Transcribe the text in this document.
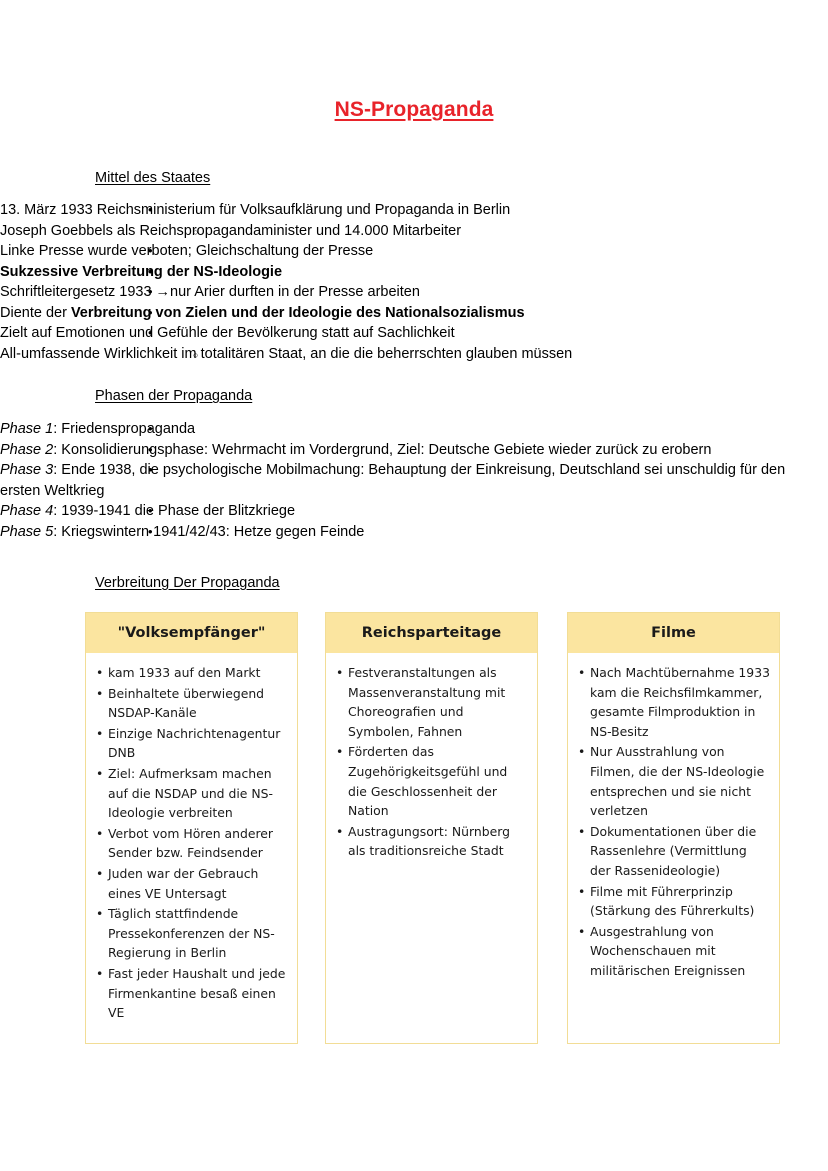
NS-Propaganda
Mittel des Staates
• 13. März 1933 Reichsministerium für Volksaufklärung und Propaganda in Berlin
○ Joseph Goebbels als Reichspropagandaminister und 14.000 Mitarbeiter
• Linke Presse wurde verboten; Gleichschaltung der Presse
• Sukzessive Verbreitung der NS-Ideologie
• Schriftleitergesetz 1933 →nur Arier durften in der Presse arbeiten
• Diente der Verbreitung von Zielen und der Ideologie des Nationalsozialismus
• Zielt auf Emotionen und Gefühle der Bevölkerung statt auf Sachlichkeit
○ All-umfassende Wirklichkeit im totalitären Staat, an die die beherrschten glauben müssen
Phasen der Propaganda
• Phase 1: Friedenspropaganda
• Phase 2: Konsolidierungsphase: Wehrmacht im Vordergrund, Ziel: Deutsche Gebiete wieder zurück zu erobern
• Phase 3: Ende 1938, die psychologische Mobilmachung: Behauptung der Einkreisung, Deutschland sei unschuldig für den ersten Weltkrieg
• Phase 4: 1939-1941 die Phase der Blitzkriege
• Phase 5: Kriegswintern 1941/42/43: Hetze gegen Feinde
Verbreitung Der Propaganda
"Volksempfänger"
• kam 1933 auf den Markt
• Beinhaltete überwiegend NSDAP-Kanäle
• Einzige Nachrichtenagentur DNB
• Ziel: Aufmerksam machen auf die NSDAP und die NS-Ideologie verbreiten
• Verbot vom Hören anderer Sender bzw. Feindsender
• Juden war der Gebrauch eines VE Untersagt
• Täglich stattfindende Pressekonferenzen der NS-Regierung in Berlin
• Fast jeder Haushalt und jede Firmenkantine besaß einen VE
Reichsparteitage
• Festveranstaltungen als Massenveranstaltung mit Choreografien und Symbolen, Fahnen
• Förderten das Zugehörigkeitsgefühl und die Geschlossenheit der Nation
• Austragungsort: Nürnberg als traditionsreiche Stadt
Filme
• Nach Machtübernahme 1933 kam die Reichsfilmkammer, gesamte Filmproduktion in NS-Besitz
• Nur Ausstrahlung von Filmen, die der NS-Ideologie entsprechen und sie nicht verletzen
• Dokumentationen über die Rassenlehre (Vermittlung der Rassenideologie)
• Filme mit Führerprinzip (Stärkung des Führerkults)
• Ausgestrahlung von Wochenschauen mit militärischen Ereignissen
